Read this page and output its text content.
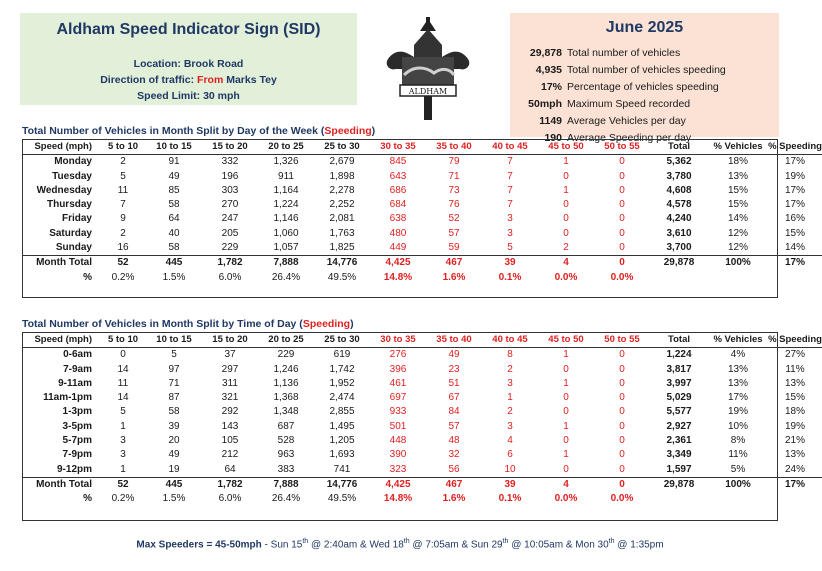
Aldham Speed Indicator Sign (SID)
Location: Brook Road
Direction of traffic: From Marks Tey
Speed Limit: 30 mph	ALDHAM
June 2025
29,878 Total number of vehicles
4,935 Total number of vehicles speeding
17% Percentage of vehicles speeding
50mph Maximum Speed recorded
1149 Average Vehicles per day
190 Average Speeding per day
Total Number of Vehicles in Month Split by Day of the Week (Speeding)
Speed (mph)	5 to 10	10 to 15	15 to 20	20 to 25	25 to 30	30 to 35	35 to 40	40 to 45	45 to 50	50 to 55	Total	% Vehicles	% Speeding
Monday	2	91	332	1,326	2,679	845	79	7	1	0	5,362	18%	17%
Tuesday	5	49	196	911	1,898	643	71	7	0	0	3,780	13%	19%
Wednesday	11	85	303	1,164	2,278	686	73	7	1	0	4,608	15%	17%
Thursday	7	58	270	1,224	2,252	684	76	7	0	0	4,578	15%	17%
Friday	9	64	247	1,146	2,081	638	52	3	0	0	4,240	14%	16%
Saturday	2	40	205	1,060	1,763	480	57	3	0	0	3,610	12%	15%
Sunday	16	58	229	1,057	1,825	449	59	5	2	0	3,700	12%	14%
Month Total	52	445	1,782	7,888	14,776	4,425	467	39	4	0	29,878	100%	17%
%	0.2%	1.5%	6.0%	26.4%	49.5%	14.8%	1.6%	0.1%	0.0%	0.0%			
Total Number of Vehicles in Month Split by Time of Day (Speeding)
Speed (mph)	5 to 10	10 to 15	15 to 20	20 to 25	25 to 30	30 to 35	35 to 40	40 to 45	45 to 50	50 to 55	Total	% Vehicles	% Speeding
0-6am	0	5	37	229	619	276	49	8	1	0	1,224	4%	27%
7-9am	14	97	297	1,246	1,742	396	23	2	0	0	3,817	13%	11%
9-11am	11	71	311	1,136	1,952	461	51	3	1	0	3,997	13%	13%
11am-1pm	14	87	321	1,368	2,474	697	67	1	0	0	5,029	17%	15%
1-3pm	5	58	292	1,348	2,855	933	84	2	0	0	5,577	19%	18%
3-5pm	1	39	143	687	1,495	501	57	3	1	0	2,927	10%	19%
5-7pm	3	20	105	528	1,205	448	48	4	0	0	2,361	8%	21%
7-9pm	3	49	212	963	1,693	390	32	6	1	0	3,349	11%	13%
9-12pm	1	19	64	383	741	323	56	10	0	0	1,597	5%	24%
Month Total	52	445	1,782	7,888	14,776	4,425	467	39	4	0	29,878	100%	17%
%	0.2%	1.5%	6.0%	26.4%	49.5%	14.8%	1.6%	0.1%	0.0%	0.0%			
Max Speeders = 45-50mph - Sun 15th @ 2:40am & Wed 18th @ 7:05am & Sun 29th @ 10:05am & Mon 30th @ 1:35pm
